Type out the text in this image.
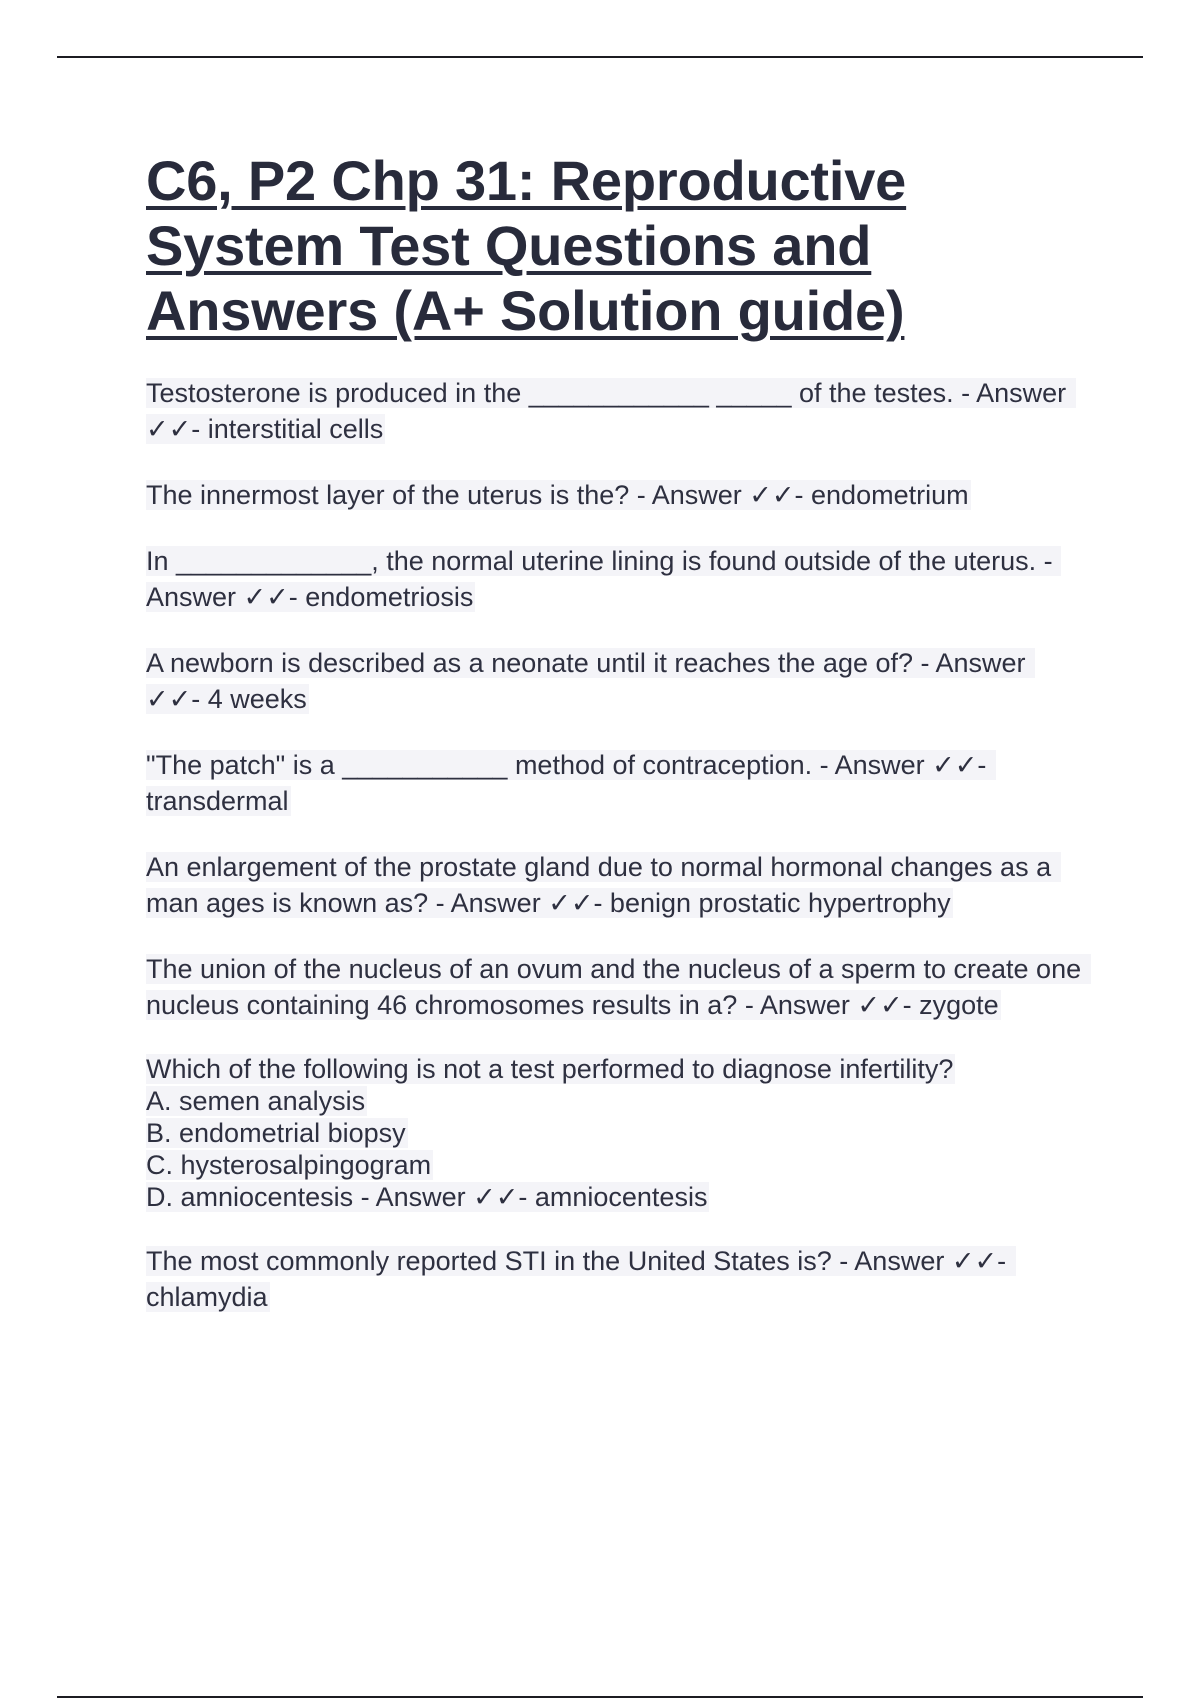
C6, P2 Chp 31: Reproductive System Test Questions and Answers (A+ Solution guide)

Testosterone is produced in the ____________ _____ of the testes. - Answer ✓✓- interstitial cells

The innermost layer of the uterus is the? - Answer ✓✓- endometrium

In _____________, the normal uterine lining is found outside of the uterus. - Answer ✓✓- endometriosis

A newborn is described as a neonate until it reaches the age of? - Answer ✓✓- 4 weeks

"The patch" is a ___________ method of contraception. - Answer ✓✓- transdermal

An enlargement of the prostate gland due to normal hormonal changes as a man ages is known as? - Answer ✓✓- benign prostatic hypertrophy

The union of the nucleus of an ovum and the nucleus of a sperm to create one nucleus containing 46 chromosomes results in a? - Answer ✓✓- zygote

Which of the following is not a test performed to diagnose infertility?
A. semen analysis
B. endometrial biopsy
C. hysterosalpingogram
D. amniocentesis - Answer ✓✓- amniocentesis

The most commonly reported STI in the United States is? - Answer ✓✓- chlamydia
